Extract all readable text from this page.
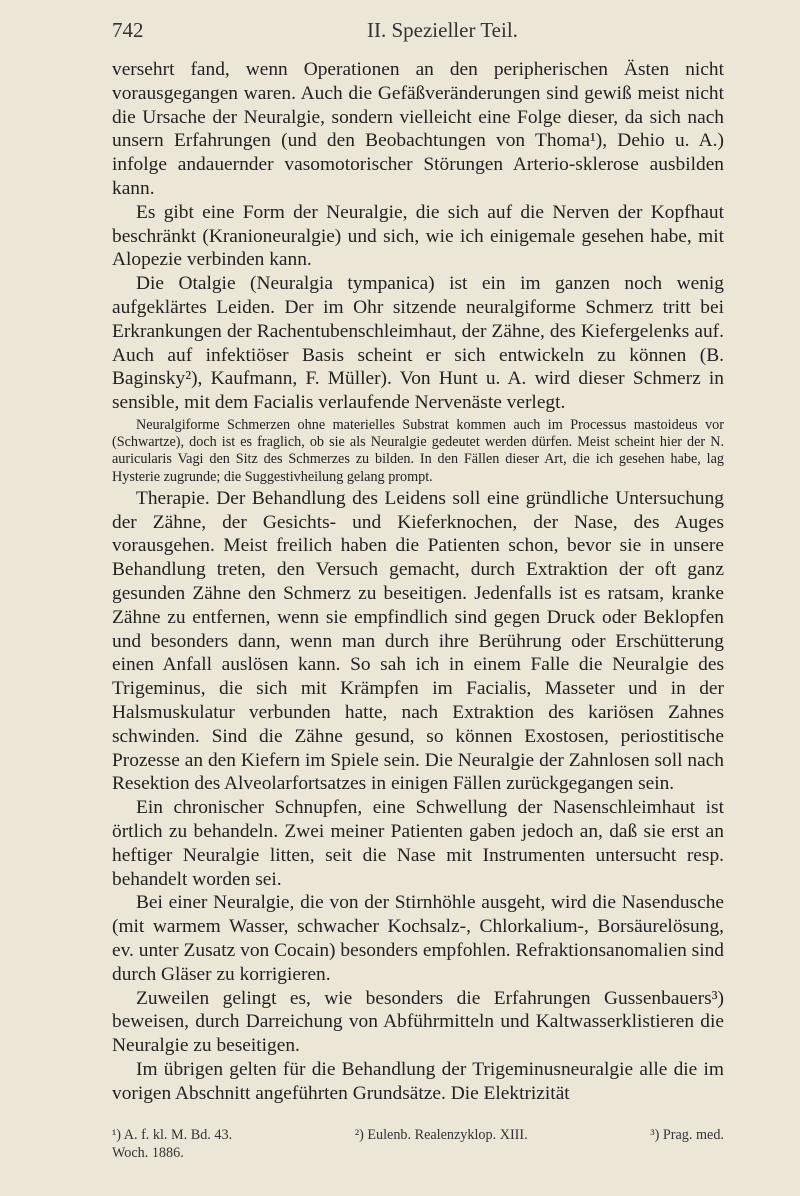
742	II. Spezieller Teil.

versehrt fand, wenn Operationen an den peripherischen Ästen nicht vorausgegangen waren. Auch die Gefäßveränderungen sind gewiß meist nicht die Ursache der Neuralgie, sondern vielleicht eine Folge dieser, da sich nach unsern Erfahrungen (und den Beobachtungen von Thoma¹), Dehio u. A.) infolge andauernder vasomotorischer Störungen Arterio-sklerose ausbilden kann.

Es gibt eine Form der Neuralgie, die sich auf die Nerven der Kopfhaut beschränkt (Kranioneuralgie) und sich, wie ich einigemale gesehen habe, mit Alopezie verbinden kann.

Die Otalgie (Neuralgia tympanica) ist ein im ganzen noch wenig aufgeklärtes Leiden. Der im Ohr sitzende neuralgiforme Schmerz tritt bei Erkrankungen der Rachentubenschleimhaut, der Zähne, des Kiefergelenks auf. Auch auf infektiöser Basis scheint er sich entwickeln zu können (B. Baginsky²), Kaufmann, F. Müller). Von Hunt u. A. wird dieser Schmerz in sensible, mit dem Facialis verlaufende Nervenäste verlegt.

Neuralgiforme Schmerzen ohne materielles Substrat kommen auch im Processus mastoideus vor (Schwartze), doch ist es fraglich, ob sie als Neuralgie gedeutet werden dürfen. Meist scheint hier der N. auricularis Vagi den Sitz des Schmerzes zu bilden. In den Fällen dieser Art, die ich gesehen habe, lag Hysterie zugrunde; die Suggestivheilung gelang prompt.

Therapie. Der Behandlung des Leidens soll eine gründliche Untersuchung der Zähne, der Gesichts- und Kieferknochen, der Nase, des Auges vorausgehen. Meist freilich haben die Patienten schon, bevor sie in unsere Behandlung treten, den Versuch gemacht, durch Extraktion der oft ganz gesunden Zähne den Schmerz zu beseitigen. Jedenfalls ist es ratsam, kranke Zähne zu entfernen, wenn sie empfindlich sind gegen Druck oder Beklopfen und besonders dann, wenn man durch ihre Berührung oder Erschütterung einen Anfall auslösen kann. So sah ich in einem Falle die Neuralgie des Trigeminus, die sich mit Krämpfen im Facialis, Masseter und in der Halsmuskulatur verbunden hatte, nach Extraktion des kariösen Zahnes schwinden. Sind die Zähne gesund, so können Exostosen, periostitische Prozesse an den Kiefern im Spiele sein. Die Neuralgie der Zahnlosen soll nach Resektion des Alveolarfortsatzes in einigen Fällen zurückgegangen sein.

Ein chronischer Schnupfen, eine Schwellung der Nasenschleimhaut ist örtlich zu behandeln. Zwei meiner Patienten gaben jedoch an, daß sie erst an heftiger Neuralgie litten, seit die Nase mit Instrumenten untersucht resp. behandelt worden sei.

Bei einer Neuralgie, die von der Stirnhöhle ausgeht, wird die Nasendusche (mit warmem Wasser, schwacher Kochsalz-, Chlorkalium-, Borsäurelösung, ev. unter Zusatz von Cocain) besonders empfohlen. Refraktionsanomalien sind durch Gläser zu korrigieren.

Zuweilen gelingt es, wie besonders die Erfahrungen Gussenbauers³) beweisen, durch Darreichung von Abführmitteln und Kaltwasserklistieren die Neuralgie zu beseitigen.

Im übrigen gelten für die Behandlung der Trigeminusneuralgie alle die im vorigen Abschnitt angeführten Grundsätze. Die Elektrizität

¹) A. f. kl. M. Bd. 43.	²) Eulenb. Realenzyklop. XIII.	³) Prag. med.
Woch. 1886.
